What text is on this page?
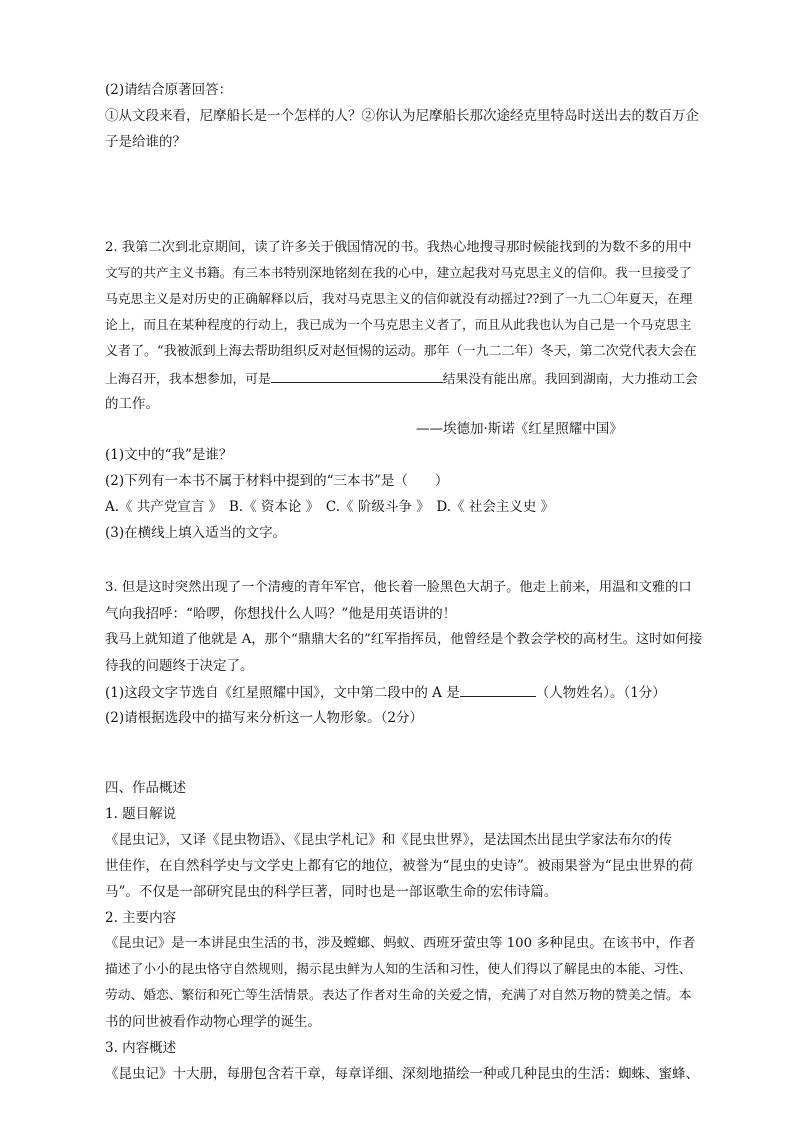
(2)请结合原著回答：
①从文段来看，尼摩船长是一个怎样的人？②你认为尼摩船长那次途经克里特岛时送出去的数百万企
子是给谁的？
2. 我第二次到北京期间，读了许多关于俄国情况的书。我热心地搜寻那时候能找到的为数不多的用中
文写的共产主义书籍。有三本书特别深地铭刻在我的心中，建立起我对马克思主义的信仰。我一旦接受了
马克思主义是对历史的正确解释以后，我对马克思主义的信仰就没有动摇过??到了一九二〇年夏天，在理
论上，而且在某种程度的行动上，我已成为一个马克思主义者了，而且从此我也认为自己是一个马克思主
义者了。“我被派到上海去帮助组织反对赵恒惕的运动。那年（一九二二年）冬天，第二次党代表大会在
上海召开，我本想参加，可是	结果没有能出席。我回到湖南，大力推动工会
的工作。
——埃德加·斯诺《红星照耀中国》
(1)文中的“我”是谁？
(2)下列有一本书不属于材料中提到的“三本书”是（　　）
A.《 共产党宣言 》　B.《 资本论 》　C.《 阶级斗争 》　D.《 社会主义史 》
(3)在横线上填入适当的文字。
3. 但是这时突然出现了一个清瘦的青年军官，他长着一脸黑色大胡子。他走上前来，用温和文雅的口
气向我招呼：“哈啰，你想找什么人吗？”他是用英语讲的！
我马上就知道了他就是 A，那个“鼎鼎大名的”红军指挥员，他曾经是个教会学校的高材生。这时如何接
待我的问题终于决定了。
(1)这段文字节选自《红星照耀中国》，文中第二段中的 A 是	（人物姓名）。（1分）
(2)请根据选段中的描写来分析这一人物形象。（2分）
四、作品概述
1. 题目解说
《昆虫记》，又译《昆虫物语》、《昆虫学札记》和《昆虫世界》，是法国杰出昆虫学家法布尔的传
世佳作，在自然科学史与文学史上都有它的地位，被誉为“昆虫的史诗”。被雨果誉为“昆虫世界的荷
马”。不仅是一部研究昆虫的科学巨著，同时也是一部讴歌生命的宏伟诗篇。
2. 主要内容
《昆虫记》是一本讲昆虫生活的书，涉及螳螂、蚂蚁、西班牙萤虫等 100 多种昆虫。在该书中，作者
描述了小小的昆虫恪守自然规则，揭示昆虫鲜为人知的生活和习性，使人们得以了解昆虫的本能、习性、
劳动、婚恋、繁衍和死亡等生活情景。表达了作者对生命的关爱之情，充满了对自然万物的赞美之情。本
书的问世被看作动物心理学的诞生。
3. 内容概述
《昆虫记》十大册，每册包含若干章，每章详细、深刻地描绘一种或几种昆虫的生活：蜘蛛、蜜蜂、
